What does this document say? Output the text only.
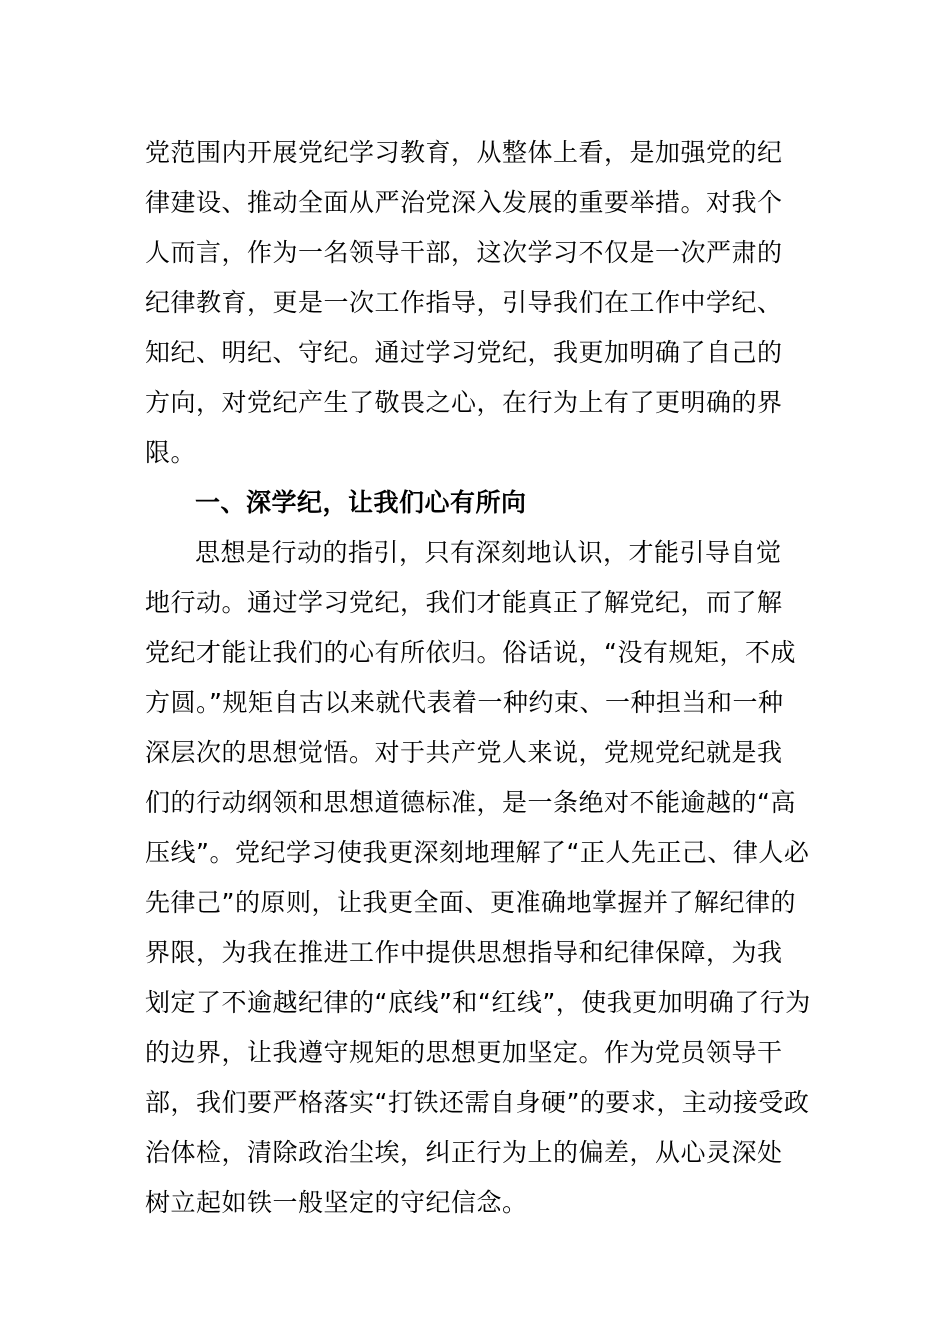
党范围内开展党纪学习教育，从整体上看，是加强党的纪
律建设、推动全面从严治党深入发展的重要举措。对我个
人而言，作为一名领导干部，这次学习不仅是一次严肃的
纪律教育，更是一次工作指导，引导我们在工作中学纪、
知纪、明纪、守纪。通过学习党纪，我更加明确了自己的
方向，对党纪产生了敬畏之心，在行为上有了更明确的界
限。
一、深学纪，让我们心有所向
思想是行动的指引，只有深刻地认识，才能引导自觉
地行动。通过学习党纪，我们才能真正了解党纪，而了解
党纪才能让我们的心有所依归。俗话说，“没有规矩，不成
方圆。”规矩自古以来就代表着一种约束、一种担当和一种
深层次的思想觉悟。对于共产党人来说，党规党纪就是我
们的行动纲领和思想道德标准，是一条绝对不能逾越的“高
压线”。党纪学习使我更深刻地理解了“正人先正己、律人必
先律己”的原则，让我更全面、更准确地掌握并了解纪律的
界限，为我在推进工作中提供思想指导和纪律保障，为我
划定了不逾越纪律的“底线”和“红线”，使我更加明确了行为
的边界，让我遵守规矩的思想更加坚定。作为党员领导干
部，我们要严格落实“打铁还需自身硬”的要求，主动接受政
治体检，清除政治尘埃，纠正行为上的偏差，从心灵深处
树立起如铁一般坚定的守纪信念。
